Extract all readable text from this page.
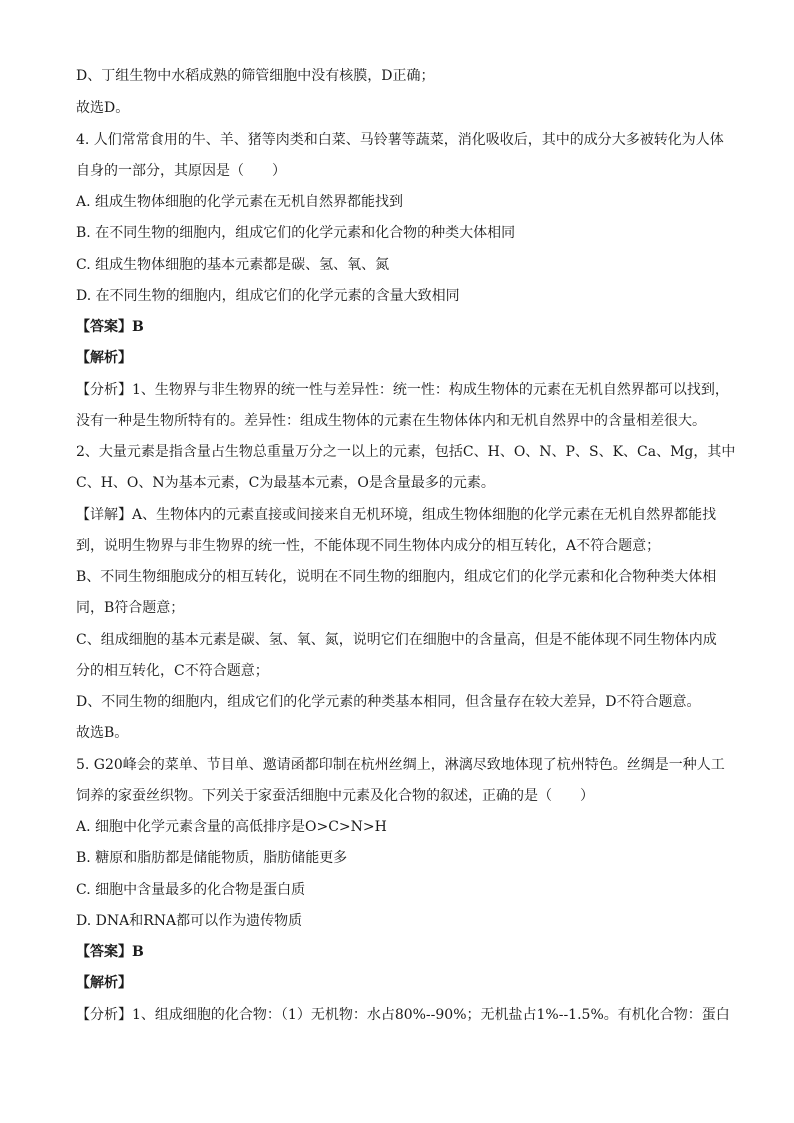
D、丁组生物中水稻成熟的筛管细胞中没有核膜，D正确；
故选D。
4. 人们常常食用的牛、羊、猪等肉类和白菜、马铃薯等蔬菜，消化吸收后，其中的成分大多被转化为人体
自身的一部分，其原因是（　　）
A. 组成生物体细胞的化学元素在无机自然界都能找到
B. 在不同生物的细胞内，组成它们的化学元素和化合物的种类大体相同
C. 组成生物体细胞的基本元素都是碳、氢、氧、氮
D. 在不同生物的细胞内，组成它们的化学元素的含量大致相同
【答案】B
【解析】
【分析】1、生物界与非生物界的统一性与差异性：统一性：构成生物体的元素在无机自然界都可以找到，
没有一种是生物所特有的。差异性：组成生物体的元素在生物体体内和无机自然界中的含量相差很大。
2、大量元素是指含量占生物总重量万分之一以上的元素，包括C、H、O、N、P、S、K、Ca、Mg，其中
C、H、O、N为基本元素，C为最基本元素，O是含量最多的元素。
【详解】A、生物体内的元素直接或间接来自无机环境，组成生物体细胞的化学元素在无机自然界都能找
到，说明生物界与非生物界的统一性，不能体现不同生物体内成分的相互转化，A不符合题意；
B、不同生物细胞成分的相互转化，说明在不同生物的细胞内，组成它们的化学元素和化合物种类大体相
同，B符合题意；
C、组成细胞的基本元素是碳、氢、氧、氮，说明它们在细胞中的含量高，但是不能体现不同生物体内成
分的相互转化，C不符合题意；
D、不同生物的细胞内，组成它们的化学元素的种类基本相同，但含量存在较大差异，D不符合题意。
故选B。
5. G20峰会的菜单、节目单、邀请函都印制在杭州丝绸上，淋漓尽致地体现了杭州特色。丝绸是一种人工
饲养的家蚕丝织物。下列关于家蚕活细胞中元素及化合物的叙述，正确的是（　　）
A. 细胞中化学元素含量的高低排序是O>C>N>H
B. 糖原和脂肪都是储能物质，脂肪储能更多
C. 细胞中含量最多的化合物是蛋白质
D. DNA和RNA都可以作为遗传物质
【答案】B
【解析】
【分析】1、组成细胞的化合物：（1）无机物：水占80%--90%；无机盐占1%--1.5%。有机化合物：蛋白
